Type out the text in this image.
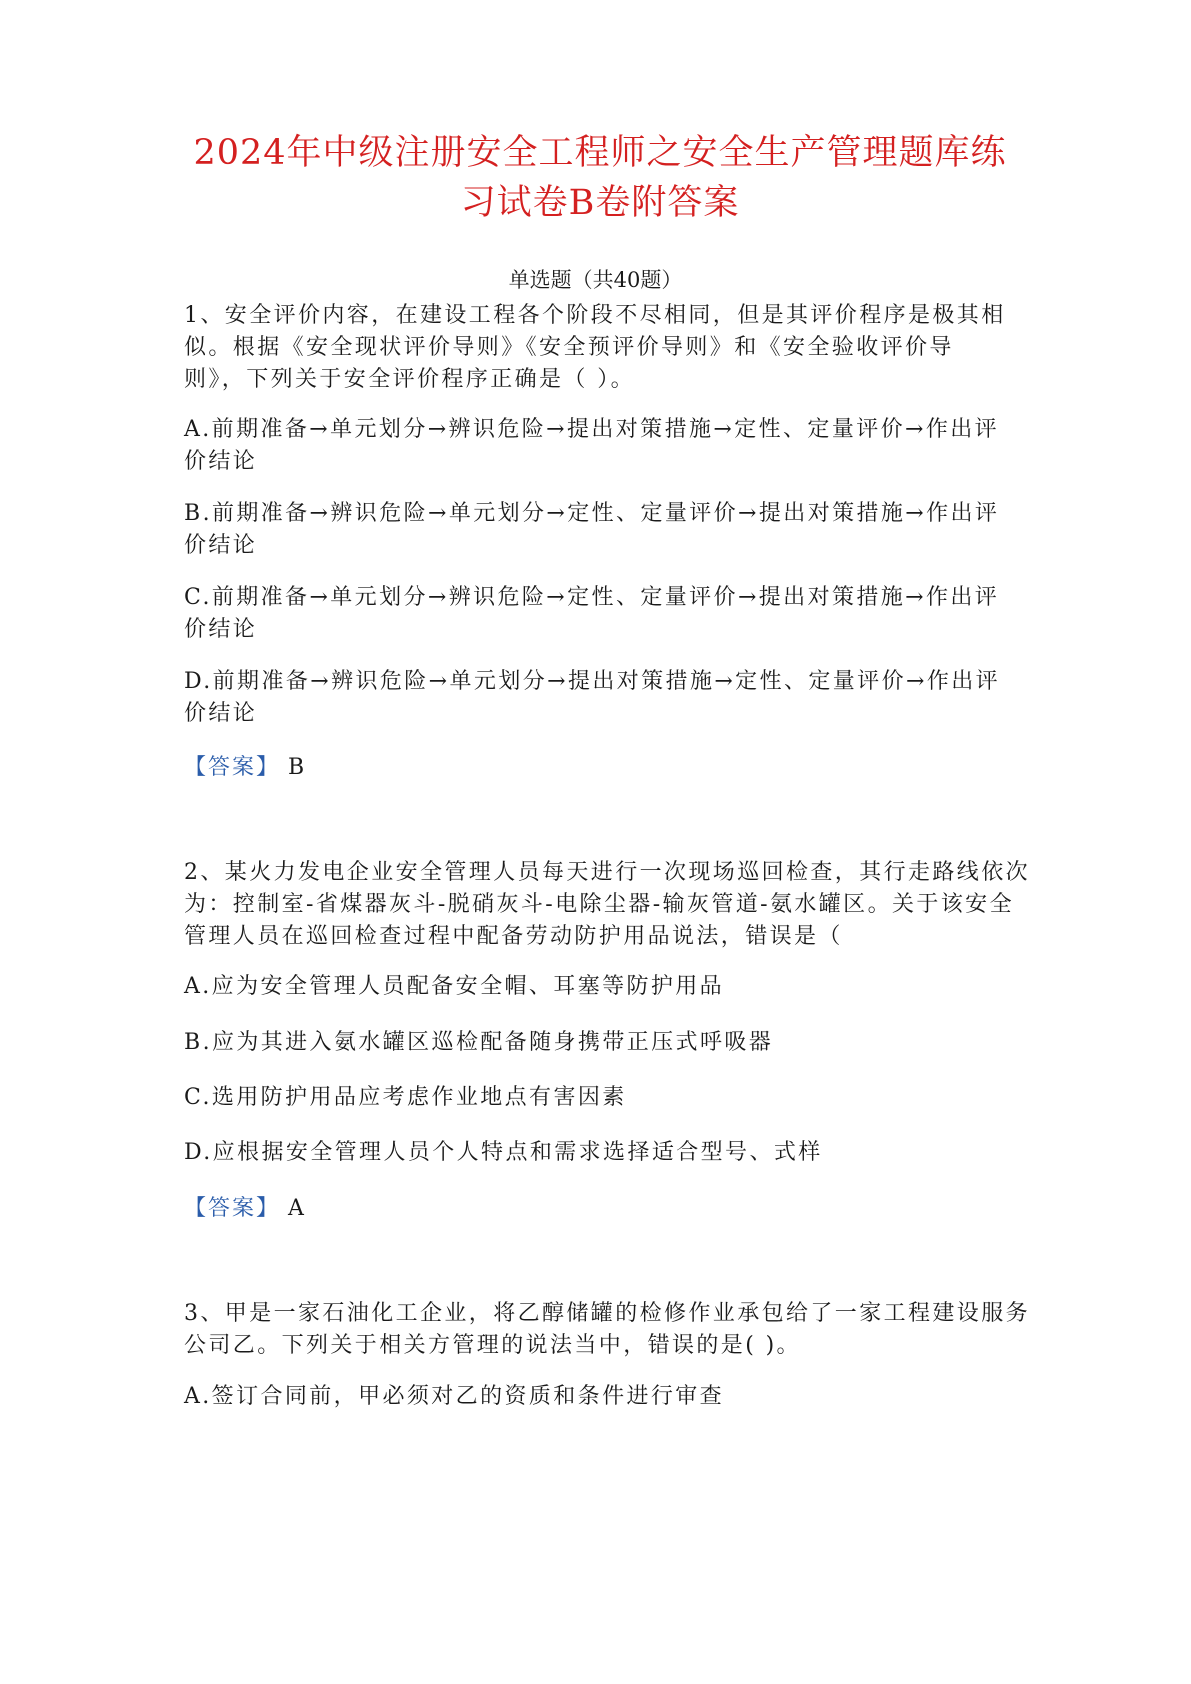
2024年中级注册安全工程师之安全生产管理题库练
习试卷B卷附答案
单选题（共40题）
1、安全评价内容，在建设工程各个阶段不尽相同，但是其评价程序是极其相
似。根据《安全现状评价导则》《安全预评价导则》和《安全验收评价导
则》，下列关于安全评价程序正确是（ ）。
A.前期准备→单元划分→辨识危险→提出对策措施→定性、定量评价→作出评
价结论
B.前期准备→辨识危险→单元划分→定性、定量评价→提出对策措施→作出评
价结论
C.前期准备→单元划分→辨识危险→定性、定量评价→提出对策措施→作出评
价结论
D.前期准备→辨识危险→单元划分→提出对策措施→定性、定量评价→作出评
价结论
【答案】 B
2、某火力发电企业安全管理人员每天进行一次现场巡回检查，其行走路线依次
为：控制室-省煤器灰斗-脱硝灰斗-电除尘器-输灰管道-氨水罐区。关于该安全
管理人员在巡回检查过程中配备劳动防护用品说法，错误是（
A.应为安全管理人员配备安全帽、耳塞等防护用品
B.应为其进入氨水罐区巡检配备随身携带正压式呼吸器
C.选用防护用品应考虑作业地点有害因素
D.应根据安全管理人员个人特点和需求选择适合型号、式样
【答案】 A
3、甲是一家石油化工企业，将乙醇储罐的检修作业承包给了一家工程建设服务
公司乙。下列关于相关方管理的说法当中，错误的是( )。
A.签订合同前，甲必须对乙的资质和条件进行审查
